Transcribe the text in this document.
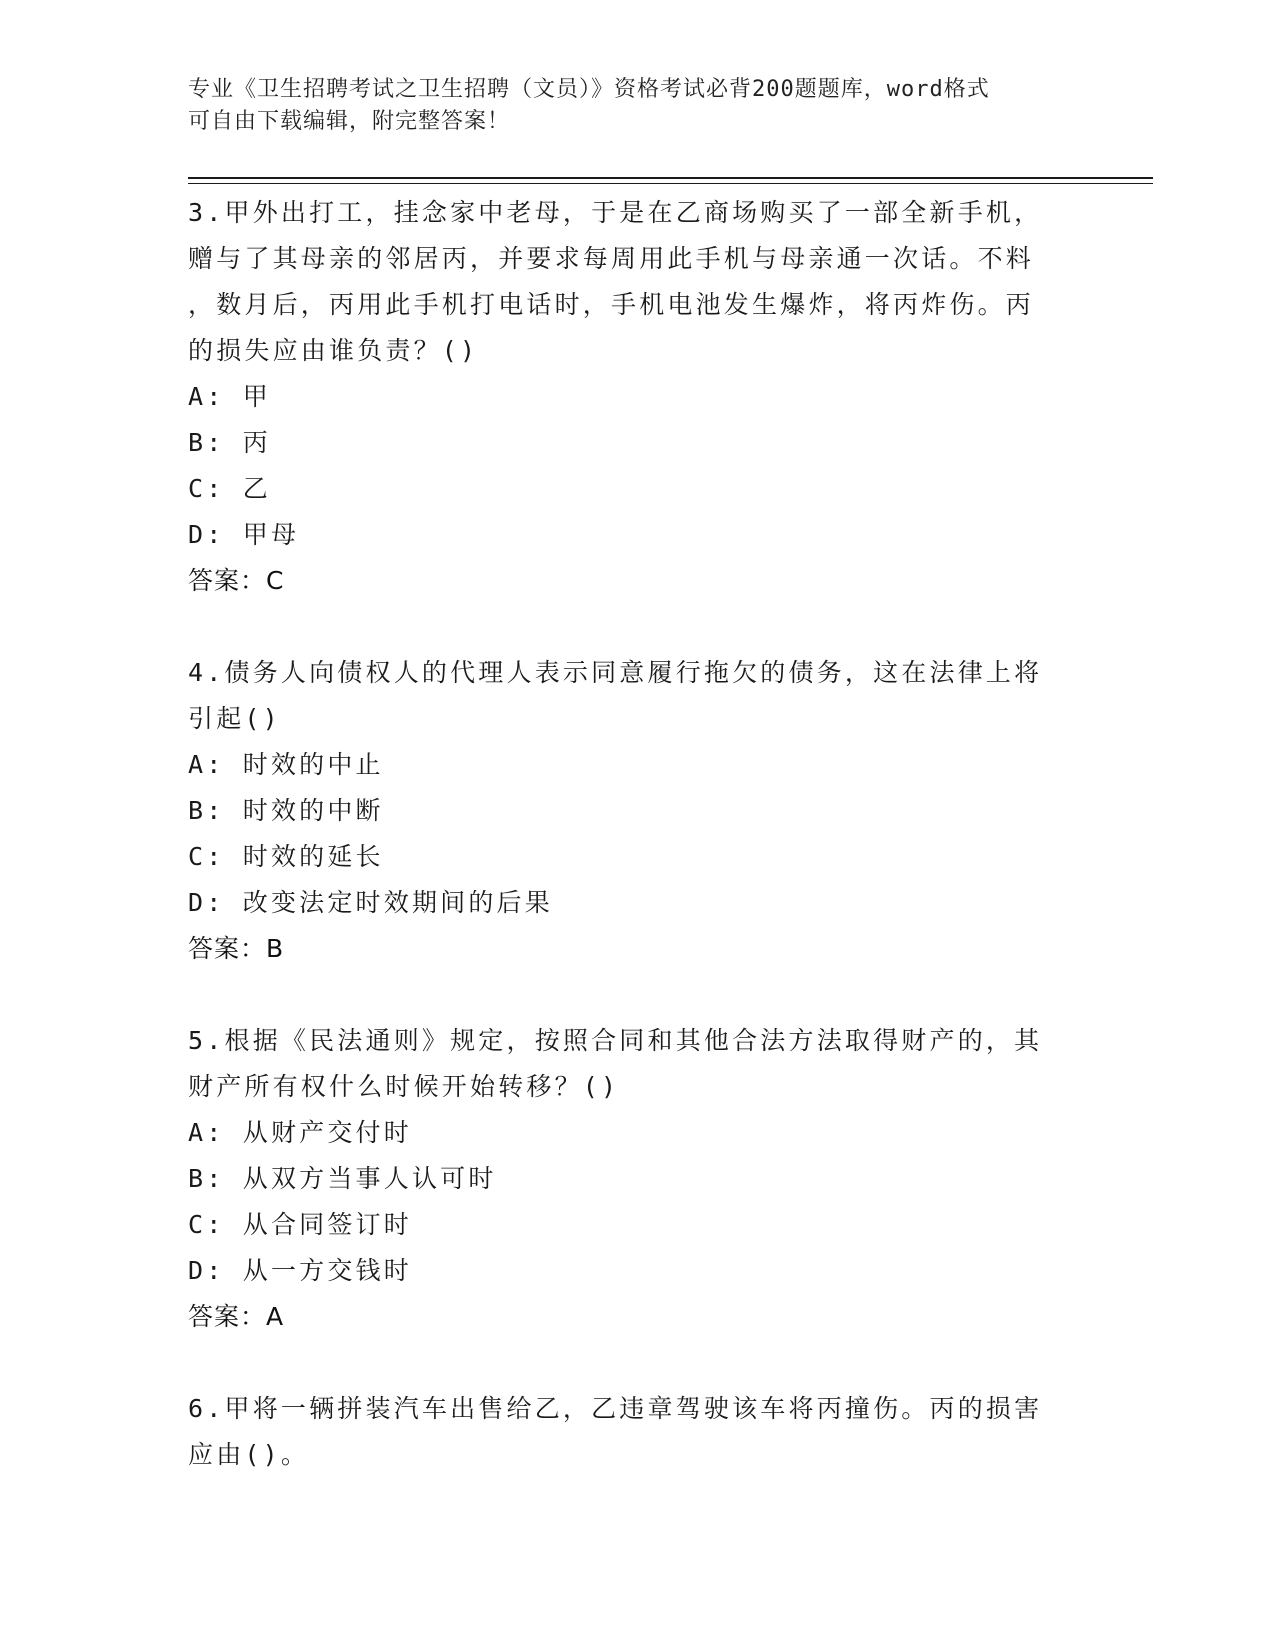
专业《卫生招聘考试之卫生招聘（文员）》资格考试必背200题题库，word格式
可自由下载编辑，附完整答案！
3.甲外出打工，挂念家中老母，于是在乙商场购买了一部全新手机，
赠与了其母亲的邻居丙，并要求每周用此手机与母亲通一次话。不料
，数月后，丙用此手机打电话时，手机电池发生爆炸，将丙炸伤。丙
的损失应由谁负责？()
A: 甲
B: 丙
C: 乙
D: 甲母
答案：C
4.债务人向债权人的代理人表示同意履行拖欠的债务，这在法律上将
引起()
A: 时效的中止
B: 时效的中断
C: 时效的延长
D: 改变法定时效期间的后果
答案：B
5.根据《民法通则》规定，按照合同和其他合法方法取得财产的，其
财产所有权什么时候开始转移？()
A: 从财产交付时
B: 从双方当事人认可时
C: 从合同签订时
D: 从一方交钱时
答案：A
6.甲将一辆拼装汽车出售给乙，乙违章驾驶该车将丙撞伤。丙的损害
应由()。
